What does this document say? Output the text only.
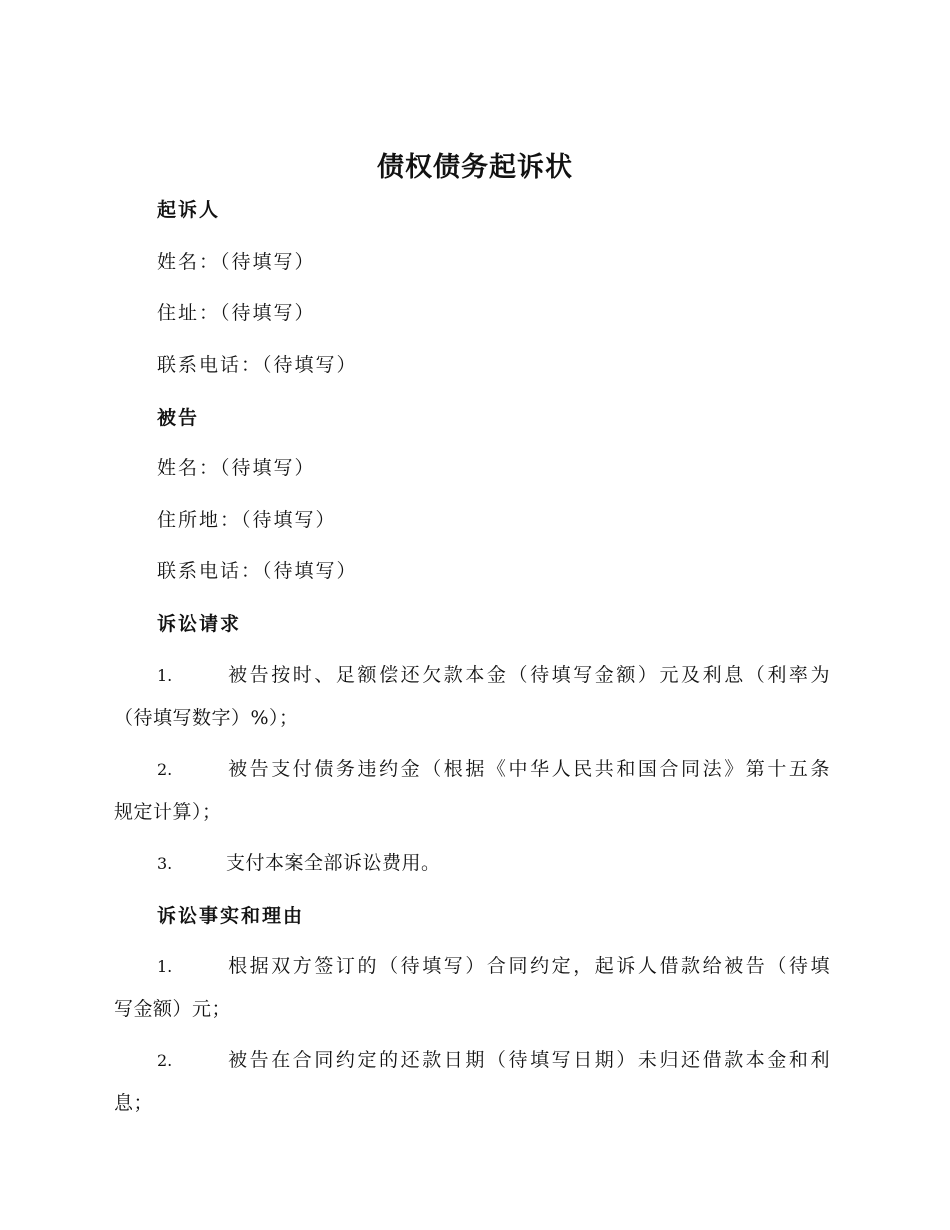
债权债务起诉状
起诉人
姓名：（待填写）
住址：（待填写）
联系电话：（待填写）
被告
姓名：（待填写）
住所地：（待填写）
联系电话：（待填写）
诉讼请求
1.	被告按时、足额偿还欠款本金（待填写金额）元及利息（利率为
（待填写数字）%）；
2.	被告支付债务违约金（根据《中华人民共和国合同法》第十五条
规定计算）；
3.	支付本案全部诉讼费用。
诉讼事实和理由
1.	根据双方签订的（待填写）合同约定，起诉人借款给被告（待填
写金额）元；
2.	被告在合同约定的还款日期（待填写日期）未归还借款本金和利
息；
